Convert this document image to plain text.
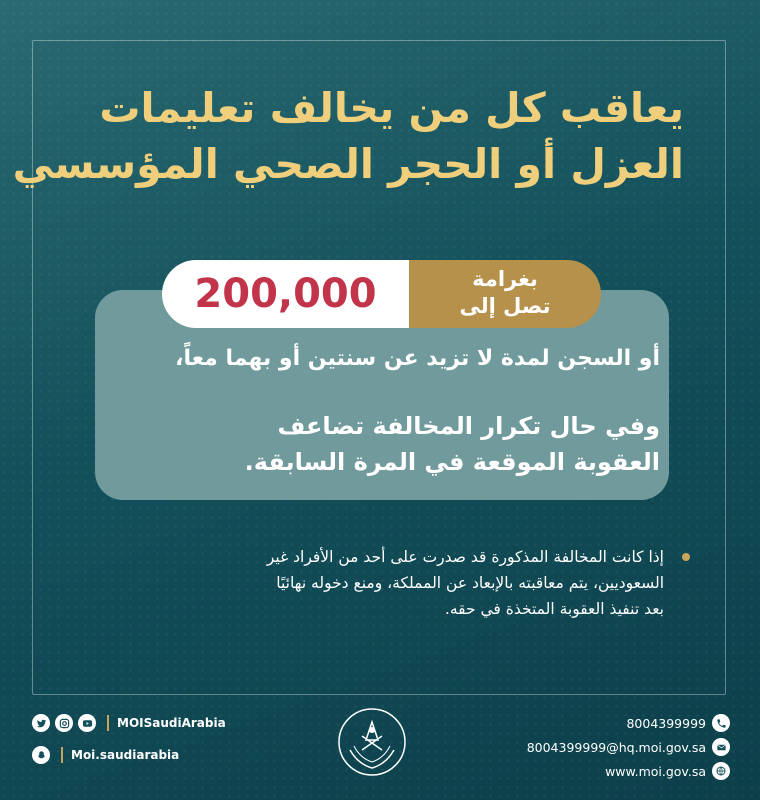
يعاقب كل من يخالف تعليمات
العزل أو الحجر الصحي المؤسسي
200,000	بغرامة
تصل إلى
أو السجن لمدة لا تزيد عن سنتين أو بهما معاً،
وفي حال تكرار المخالفة تضاعف
العقوبة الموقعة في المرة السابقة.
إذا كانت المخالفة المذكورة قد صدرت على أحد من الأفراد غير
السعوديين، يتم معاقبته بالإبعاد عن المملكة، ومنع دخوله نهائيًا
بعد تنفيذ العقوبة المتخذة في حقه.
MOISaudiArabia
Moi.saudiarabia
8004399999
8004399999@hq.moi.gov.sa
www.moi.gov.sa
